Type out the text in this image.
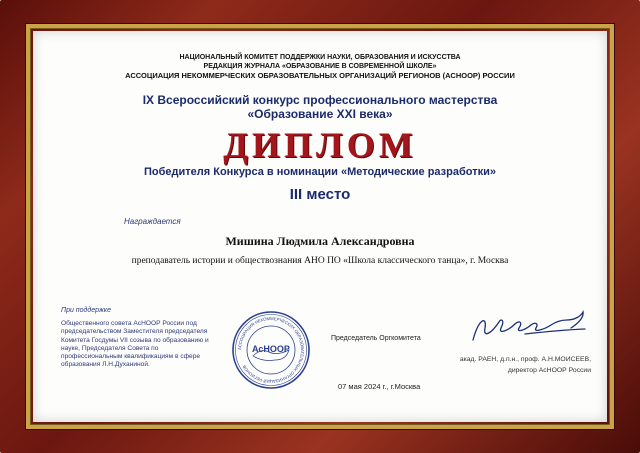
НАЦИОНАЛЬНЫЙ КОМИТЕТ ПОДДЕРЖКИ НАУКИ, ОБРАЗОВАНИЯ И ИСКУССТВА
РЕДАКЦИЯ ЖУРНАЛА «ОБРАЗОВАНИЕ В СОВРЕМЕННОЙ ШКОЛЕ»
АССОЦИАЦИЯ НЕКОММЕРЧЕСКИХ ОБРАЗОВАТЕЛЬНЫХ ОРГАНИЗАЦИЙ РЕГИОНОВ (АСНООР) РОССИИ
IX Всероссийский конкурс профессионального мастерства
«Образование XXI века»
ДИПЛОМ
Победителя Конкурса в номинации «Методические разработки»
III место
Награждается
Мишина Людмила Александровна
преподаватель истории и обществознания АНО ПО «Школа классического танца», г. Москва
При поддержке
Общественного совета АсНООР России под председательством Заместителя председателя Комитета Госдумы VII созыва по образованию и науке, Председателя Совета по профессиональным квалификациям в сфере образования Л.Н.Духаниной.
АССОЦИАЦИЯ НЕКОММЕРЧЕСКИХ ОБРАЗОВАТЕЛЬНЫХ ОРГАНИЗАЦИЙ РЕГИОНОВ
АсНООР
Председатель Оргкомитета
акад. РАЕН, д.п.н., проф. А.Н.МОИСЕЕВ,
директор АсНООР России
07 мая 2024 г., г.Москва
